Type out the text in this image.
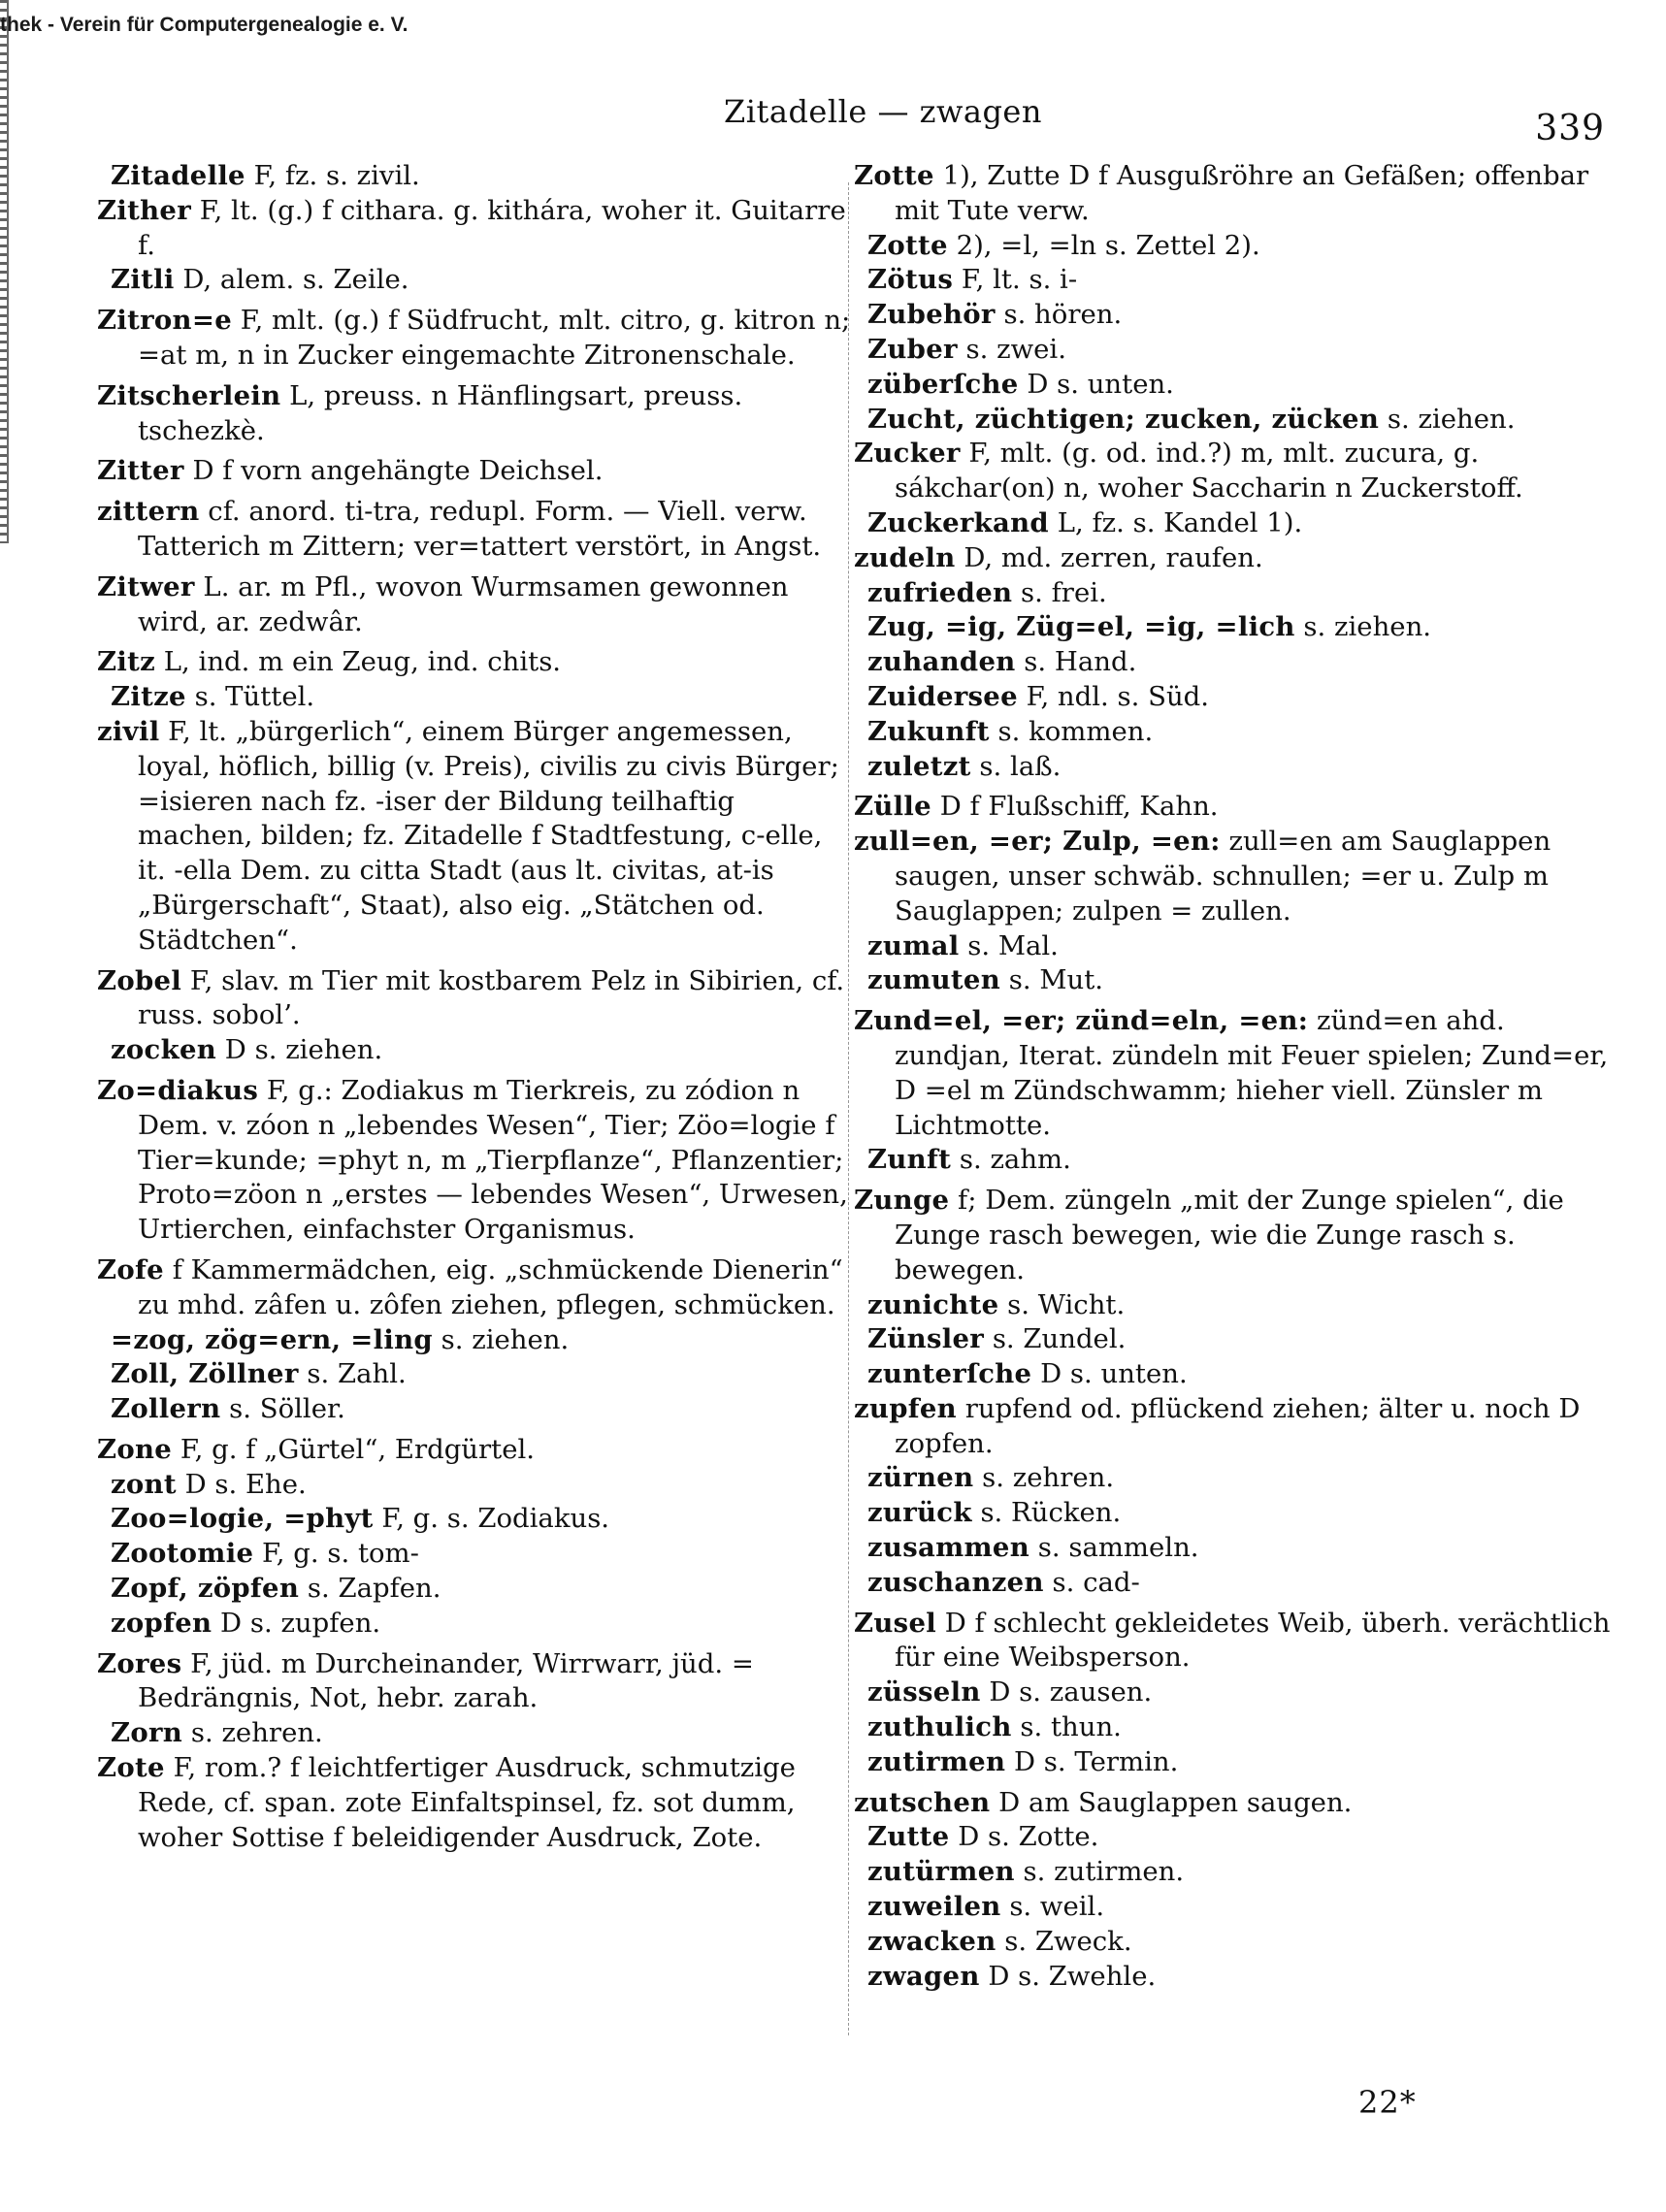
thek - Verein für Computergenealogie e. V.
Zitadelle — zwagen	339

Zitadelle F, fz. s. zivil.

Zither F, lt. (g.) f cithara. g. kithára, woher it. Guitarre f.

Zitli D, alem. s. Zeile.

Zitron=e F, mlt. (g.) f Südfrucht, mlt. citro, g. kitron n; =at m, n in Zucker eingemachte Zitronenschale.

Zitscherlein L, preuss. n Hänflingsart, preuss. tschezkè.

Zitter D f vorn angehängte Deichsel.

zittern cf. anord. ti-tra, redupl. Form. — Viell. verw. Tatterich m Zittern; ver=tattert verstört, in Angst.

Zitwer L. ar. m Pfl., wovon Wurmsamen gewonnen wird, ar. zedwâr.

Zitz L, ind. m ein Zeug, ind. chits.

Zitze s. Tüttel.

zivil F, lt. „bürgerlich“, einem Bürger angemessen, loyal, höflich, billig (v. Preis), civilis zu civis Bürger; =isieren nach fz. -iser der Bildung teilhaftig machen, bilden; fz. Zitadelle f Stadtfestung, c-elle, it. -ella Dem. zu citta Stadt (aus lt. civitas, at-is „Bürgerschaft“, Staat), also eig. „Stätchen od. Städtchen“.

Zobel F, slav. m Tier mit kostbarem Pelz in Sibirien, cf. russ. sobol’.

zocken D s. ziehen.

Zo=diakus F, g.: Zodiakus m Tierkreis, zu zódion n Dem. v. zóon n „lebendes Wesen“, Tier; Zöo=logie f Tier=kunde; =phyt n, m „Tierpflanze“, Pflanzentier; Proto=zöon n „erstes — lebendes Wesen“, Urwesen, Urtierchen, einfachster Organismus.

Zofe f Kammermädchen, eig. „schmückende Dienerin“ zu mhd. zâfen u. zôfen ziehen, pflegen, schmücken.

=zog, zög=ern, =ling s. ziehen.

Zoll, Zöllner s. Zahl.

Zollern s. Söller.

Zone F, g. f „Gürtel“, Erdgürtel.

zont D s. Ehe.

Zoo=logie, =phyt F, g. s. Zodiakus.

Zootomie F, g. s. tom-

Zopf, zöpfen s. Zapfen.

zopfen D s. zupfen.

Zores F, jüd. m Durcheinander, Wirrwarr, jüd. = Bedrängnis, Not, hebr. zarah.

Zorn s. zehren.

Zote F, rom.? f leichtfertiger Ausdruck, schmutzige Rede, cf. span. zote Einfaltspinsel, fz. sot dumm, woher Sottise f beleidigender Ausdruck, Zote.

Zotte 1), Zutte D f Ausgußröhre an Gefäßen; offenbar mit Tute verw.

Zotte 2), =l, =ln s. Zettel 2).

Zötus F, lt. s. i-

Zubehör s. hören.

Zuber s. zwei.

züberſche D s. unten.

Zucht, züchtigen; zucken, zücken s. ziehen.

Zucker F, mlt. (g. od. ind.?) m, mlt. zucura, g. sákchar(on) n, woher Saccharin n Zuckerstoff.

Zuckerkand L, fz. s. Kandel 1).

zudeln D, md. zerren, raufen.

zufrieden s. frei.

Zug, =ig, Züg=el, =ig, =lich s. ziehen.

zuhanden s. Hand.

Zuidersee F, ndl. s. Süd.

Zukunft s. kommen.

zuletzt s. laß.

Zülle D f Flußschiff, Kahn.

zull=en, =er; Zulp, =en: zull=en am Sauglappen saugen, unser schwäb. schnullen; =er u. Zulp m Sauglappen; zulpen = zullen.

zumal s. Mal.

zumuten s. Mut.

Zund=el, =er; zünd=eln, =en: zünd=en ahd. zundjan, Iterat. zündeln mit Feuer spielen; Zund=er, D =el m Zündschwamm; hieher viell. Zünsler m Lichtmotte.

Zunft s. zahm.

Zunge f; Dem. züngeln „mit der Zunge spielen“, die Zunge rasch bewegen, wie die Zunge rasch s. bewegen.

zunichte s. Wicht.

Zünsler s. Zundel.

zunterſche D s. unten.

zupfen rupfend od. pflückend ziehen; älter u. noch D zopfen.

zürnen s. zehren.

zurück s. Rücken.

zusammen s. sammeln.

zuschanzen s. cad-

Zusel D f schlecht gekleidetes Weib, überh. verächtlich für eine Weibsperson.

züsseln D s. zausen.

zuthulich s. thun.

zutirmen D s. Termin.

zutschen D am Sauglappen saugen.

Zutte D s. Zotte.

zutürmen s. zutirmen.

zuweilen s. weil.

zwacken s. Zweck.

zwagen D s. Zwehle.

22*
